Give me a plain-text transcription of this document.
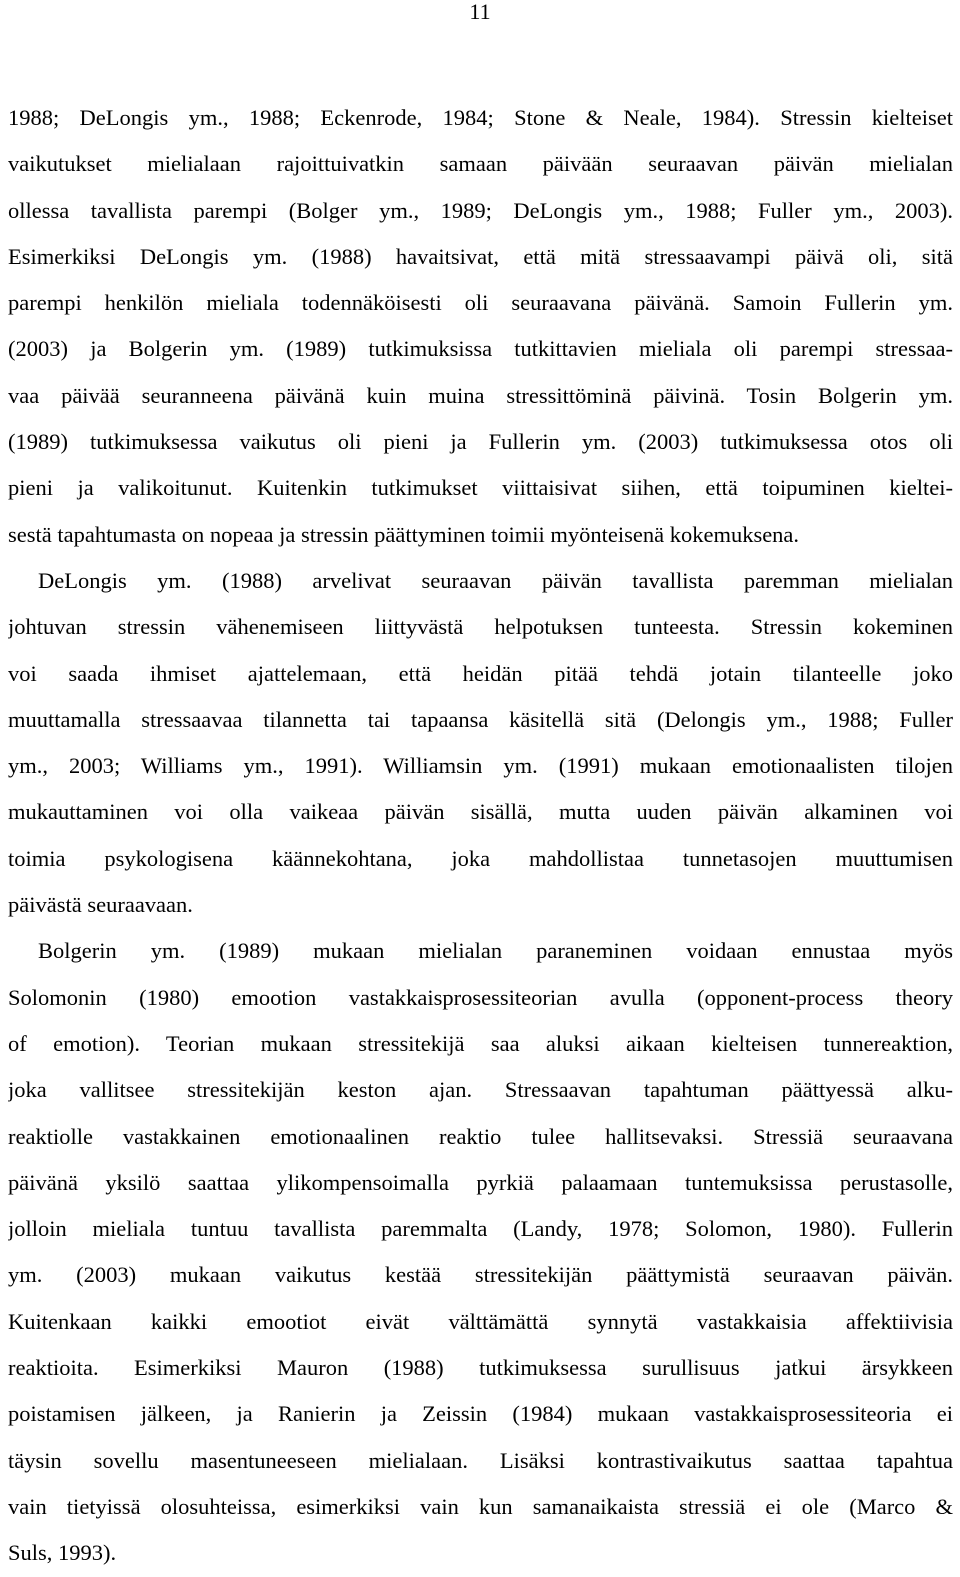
11
1988; DeLongis ym., 1988; Eckenrode, 1984; Stone & Neale, 1984). Stressin kielteiset
vaikutukset mielialaan rajoittuivatkin samaan päivään seuraavan päivän mielialan
ollessa tavallista parempi (Bolger ym., 1989; DeLongis ym., 1988; Fuller ym., 2003).
Esimerkiksi DeLongis ym. (1988) havaitsivat, että mitä stressaavampi päivä oli, sitä
parempi henkilön mieliala todennäköisesti oli seuraavana päivänä. Samoin Fullerin ym.
(2003) ja Bolgerin ym. (1989) tutkimuksissa tutkittavien mieliala oli parempi stressaa-
vaa päivää seuranneena päivänä kuin muina stressittöminä päivinä. Tosin Bolgerin ym.
(1989) tutkimuksessa vaikutus oli pieni ja Fullerin ym. (2003) tutkimuksessa otos oli
pieni ja valikoitunut. Kuitenkin tutkimukset viittaisivat siihen, että toipuminen kieltei-
sestä tapahtumasta on nopeaa ja stressin päättyminen toimii myönteisenä kokemuksena.
DeLongis ym. (1988) arvelivat seuraavan päivän tavallista paremman mielialan
johtuvan stressin vähenemiseen liittyvästä helpotuksen tunteesta. Stressin kokeminen
voi saada ihmiset ajattelemaan, että heidän pitää tehdä jotain tilanteelle joko
muuttamalla stressaavaa tilannetta tai tapaansa käsitellä sitä (Delongis ym., 1988; Fuller
ym., 2003; Williams ym., 1991). Williamsin ym. (1991) mukaan emotionaalisten tilojen
mukauttaminen voi olla vaikeaa päivän sisällä, mutta uuden päivän alkaminen voi
toimia psykologisena käännekohtana, joka mahdollistaa tunnetasojen muuttumisen
päivästä seuraavaan.
Bolgerin ym. (1989) mukaan mielialan paraneminen voidaan ennustaa myös
Solomonin (1980) emootion vastakkaisprosessiteorian avulla (opponent-process theory
of emotion). Teorian mukaan stressitekijä saa aluksi aikaan kielteisen tunnereaktion,
joka vallitsee stressitekijän keston ajan. Stressaavan tapahtuman päättyessä alku-
reaktiolle vastakkainen emotionaalinen reaktio tulee hallitsevaksi. Stressiä seuraavana
päivänä yksilö saattaa ylikompensoimalla pyrkiä palaamaan tuntemuksissa perustasolle,
jolloin mieliala tuntuu tavallista paremmalta (Landy, 1978; Solomon, 1980). Fullerin
ym. (2003) mukaan vaikutus kestää stressitekijän päättymistä seuraavan päivän.
Kuitenkaan kaikki emootiot eivät välttämättä synnytä vastakkaisia affektiivisia
reaktioita. Esimerkiksi Mauron (1988) tutkimuksessa surullisuus jatkui ärsykkeen
poistamisen jälkeen, ja Ranierin ja Zeissin (1984) mukaan vastakkaisprosessiteoria ei
täysin sovellu masentuneeseen mielialaan. Lisäksi kontrastivaikutus saattaa tapahtua
vain tietyissä olosuhteissa, esimerkiksi vain kun samanaikaista stressiä ei ole (Marco &
Suls, 1993).
